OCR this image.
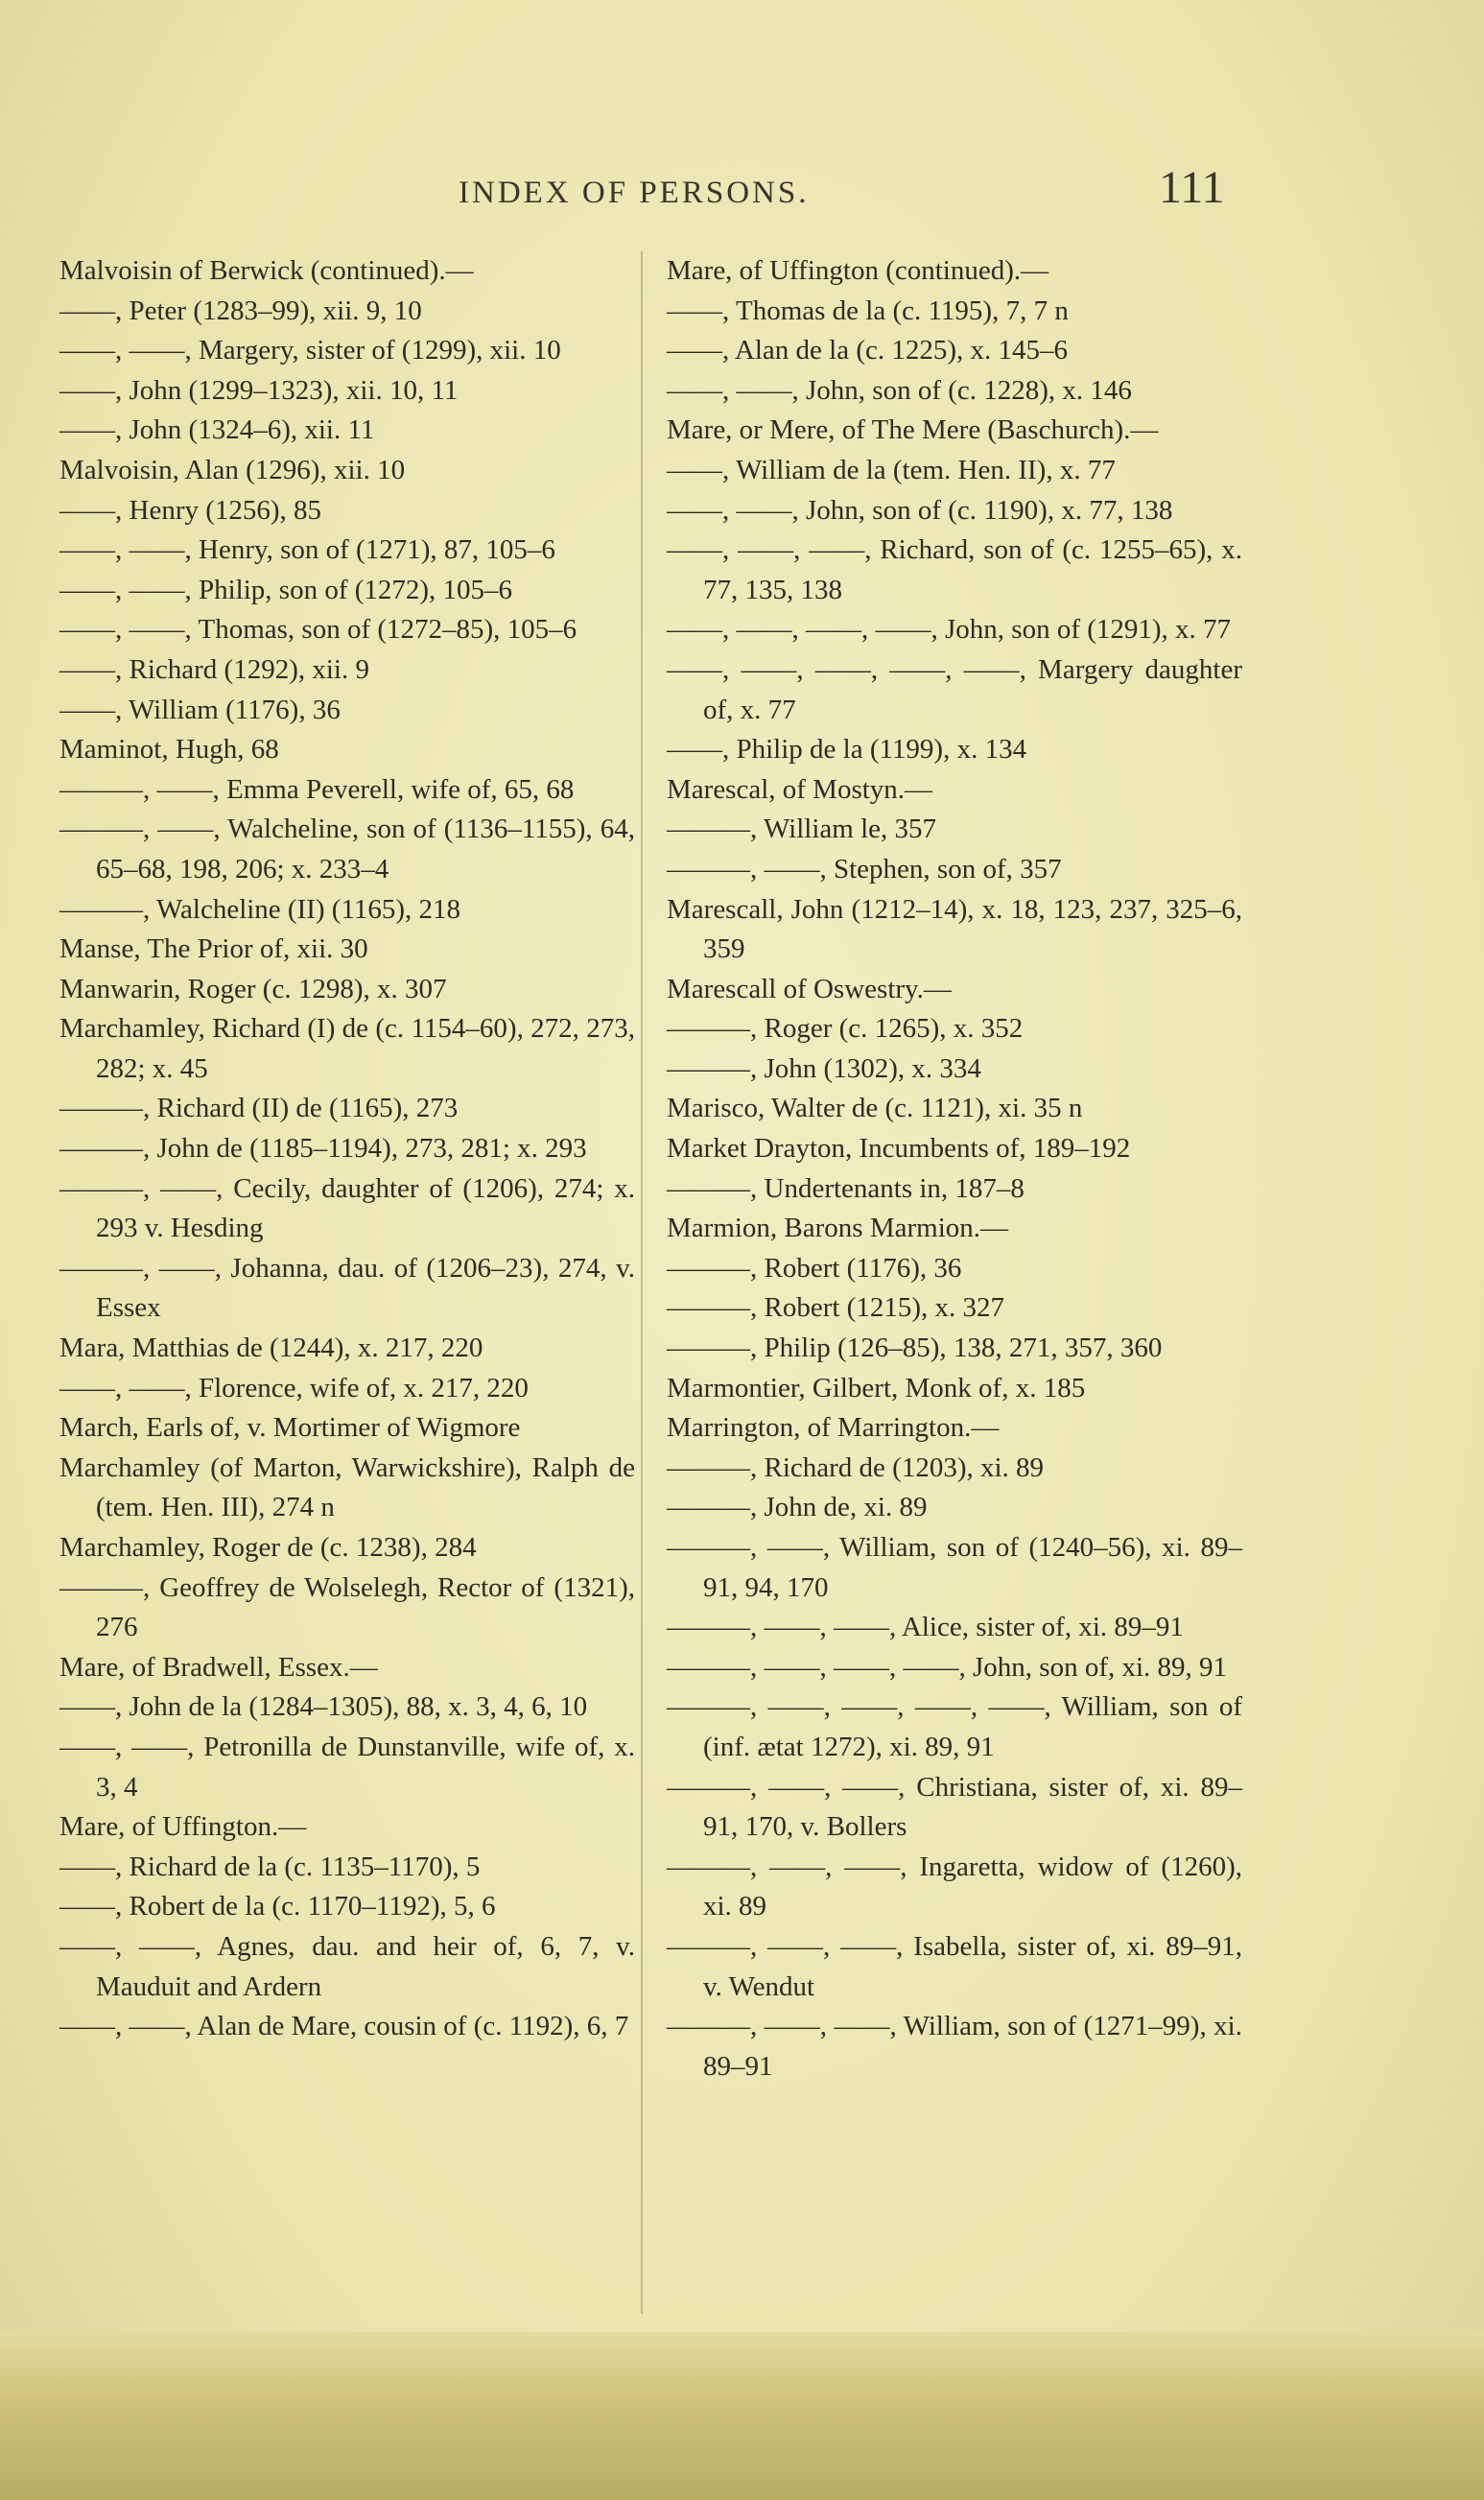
INDEX OF PERSONS.	111
Malvoisin of Berwick (continued).—
——, Peter (1283–99), xii. 9, 10
——, ——, Margery, sister of (1299), xii. 10
——, John (1299–1323), xii. 10, 11
——, John (1324–6), xii. 11
Malvoisin, Alan (1296), xii. 10
——, Henry (1256), 85
——, ——, Henry, son of (1271), 87, 105–6
——, ——, Philip, son of (1272), 105–6
——, ——, Thomas, son of (1272–85), 105–6
——, Richard (1292), xii. 9
——, William (1176), 36
Maminot, Hugh, 68
———, ——, Emma Peverell, wife of, 65, 68
———, ——, Walcheline, son of (1136–1155), 64, 65–68, 198, 206; x. 233–4
———, Walcheline (II) (1165), 218
Manse, The Prior of, xii. 30
Manwarin, Roger (c. 1298), x. 307
Marchamley, Richard (I) de (c. 1154–60), 272, 273, 282; x. 45
———, Richard (II) de (1165), 273
———, John de (1185–1194), 273, 281; x. 293
———, ——, Cecily, daughter of (1206), 274; x. 293 v. Hesding
———, ——, Johanna, dau. of (1206–23), 274, v. Essex
Mara, Matthias de (1244), x. 217, 220
——, ——, Florence, wife of, x. 217, 220
March, Earls of, v. Mortimer of Wigmore
Marchamley (of Marton, Warwickshire), Ralph de (tem. Hen. III), 274 n
Marchamley, Roger de (c. 1238), 284
———, Geoffrey de Wolselegh, Rector of (1321), 276
Mare, of Bradwell, Essex.—
——, John de la (1284–1305), 88, x. 3, 4, 6, 10
——, ——, Petronilla de Dunstanville, wife of, x. 3, 4
Mare, of Uffington.—
——, Richard de la (c. 1135–1170), 5
——, Robert de la (c. 1170–1192), 5, 6
——, ——, Agnes, dau. and heir of, 6, 7, v. Mauduit and Ardern
——, ——, Alan de Mare, cousin of (c. 1192), 6, 7
Mare, of Uffington (continued).—
——, Thomas de la (c. 1195), 7, 7 n
——, Alan de la (c. 1225), x. 145–6
——, ——, John, son of (c. 1228), x. 146
Mare, or Mere, of The Mere (Baschurch).—
——, William de la (tem. Hen. II), x. 77
——, ——, John, son of (c. 1190), x. 77, 138
——, ——, ——, Richard, son of (c. 1255–65), x. 77, 135, 138
——, ——, ——, ——, John, son of (1291), x. 77
——, ——, ——, ——, ——, Margery daughter of, x. 77
——, Philip de la (1199), x. 134
Marescal, of Mostyn.—
———, William le, 357
———, ——, Stephen, son of, 357
Marescall, John (1212–14), x. 18, 123, 237, 325–6, 359
Marescall of Oswestry.—
———, Roger (c. 1265), x. 352
———, John (1302), x. 334
Marisco, Walter de (c. 1121), xi. 35 n
Market Drayton, Incumbents of, 189–192
———, Undertenants in, 187–8
Marmion, Barons Marmion.—
———, Robert (1176), 36
———, Robert (1215), x. 327
———, Philip (126–85), 138, 271, 357, 360
Marmontier, Gilbert, Monk of, x. 185
Marrington, of Marrington.—
———, Richard de (1203), xi. 89
———, John de, xi. 89
———, ——, William, son of (1240–56), xi. 89–91, 94, 170
———, ——, ——, Alice, sister of, xi. 89–91
———, ——, ——, ——, John, son of, xi. 89, 91
———, ——, ——, ——, ——, William, son of (inf. ætat 1272), xi. 89, 91
———, ——, ——, Christiana, sister of, xi. 89–91, 170, v. Bollers
———, ——, ——, Ingaretta, widow of (1260), xi. 89
———, ——, ——, Isabella, sister of, xi. 89–91, v. Wendut
———, ——, ——, William, son of (1271–99), xi. 89–91
